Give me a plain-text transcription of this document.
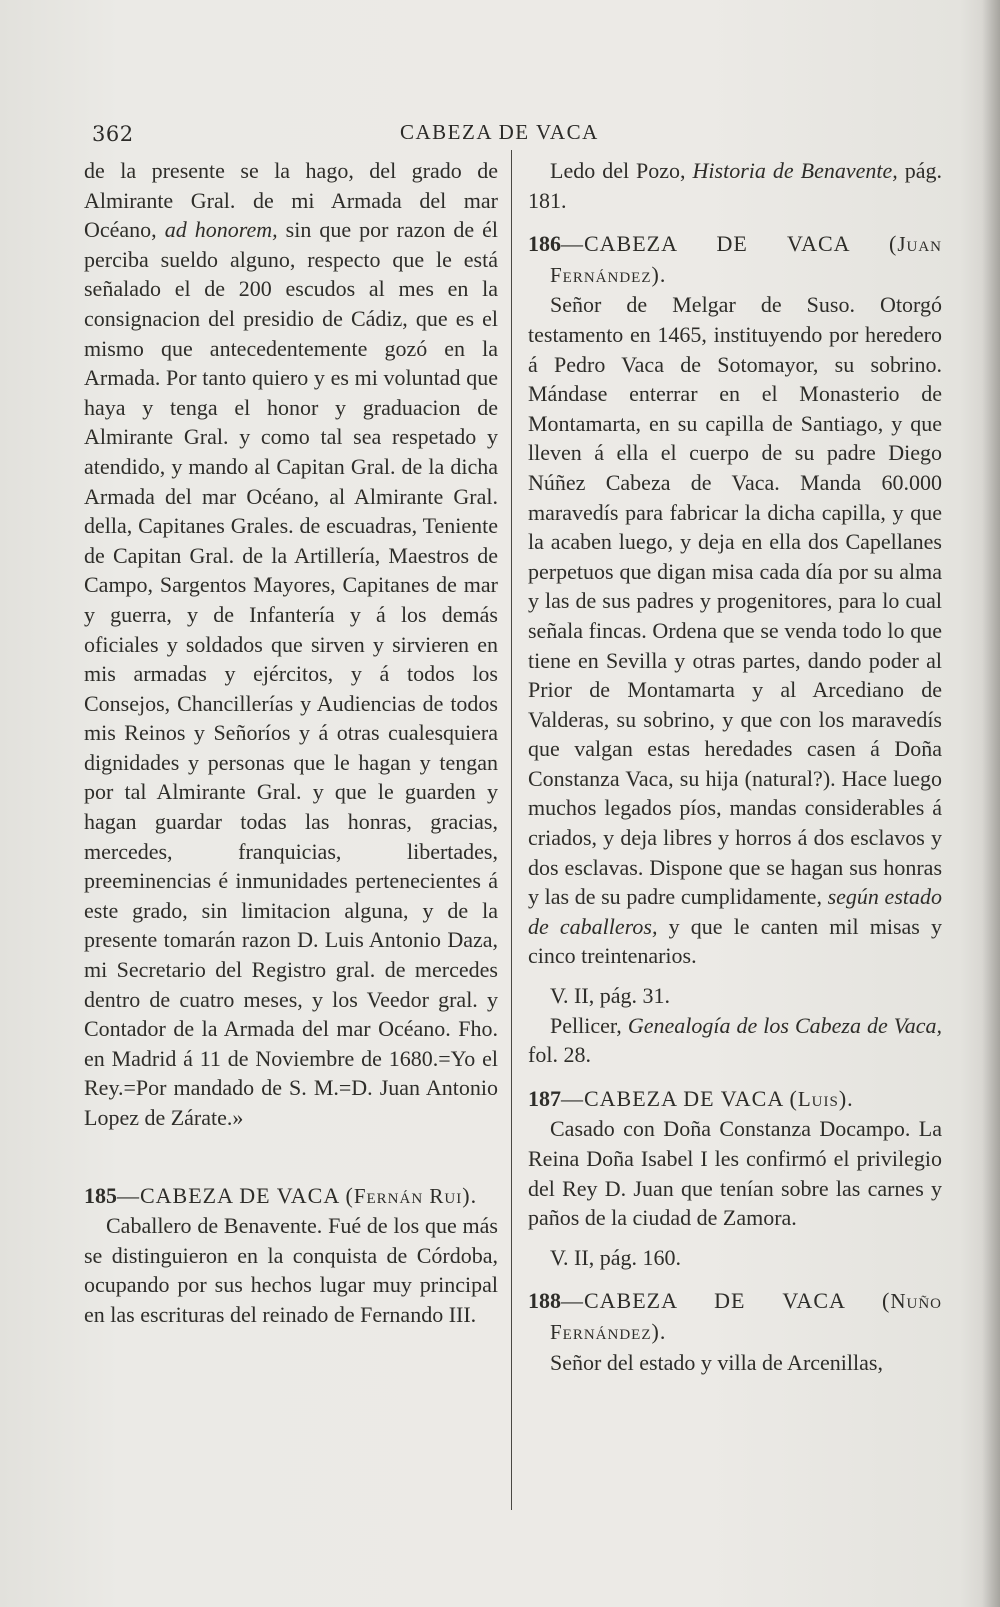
362	CABEZA DE VACA

de la presente se la hago, del grado de Almirante Gral. de mi Armada del mar Océano, ad honorem, sin que por razon de él perciba sueldo alguno, respecto que le está señalado el de 200 escudos al mes en la consignacion del presidio de Cádiz, que es el mismo que antecedentemente gozó en la Armada. Por tanto quiero y es mi voluntad que haya y tenga el honor y graduacion de Almirante Gral. y como tal sea respetado y atendido, y mando al Capitan Gral. de la dicha Armada del mar Océano, al Almirante Gral. della, Capitanes Grales. de escuadras, Teniente de Capitan Gral. de la Artillería, Maestros de Campo, Sargentos Mayores, Capitanes de mar y guerra, y de Infantería y á los demás oficiales y soldados que sirven y sirvieren en mis armadas y ejércitos, y á todos los Consejos, Chancillerías y Audiencias de todos mis Reinos y Señoríos y á otras cualesquiera dignidades y personas que le hagan y tengan por tal Almirante Gral. y que le guarden y hagan guardar todas las honras, gracias, mercedes, franquicias, libertades, preeminencias é inmunidades pertenecientes á este grado, sin limitacion alguna, y de la presente tomarán razon D. Luis Antonio Daza, mi Secretario del Registro gral. de mercedes dentro de cuatro meses, y los Veedor gral. y Contador de la Armada del mar Océano. Fho. en Madrid á 11 de Noviembre de 1680.=Yo el Rey.=Por mandado de S. M.=D. Juan Antonio Lopez de Zárate.»

185—CABEZA DE VACA (Fernán Rui).

Caballero de Benavente. Fué de los que más se distinguieron en la conquista de Córdoba, ocupando por sus hechos lugar muy principal en las escrituras del reinado de Fernando III.

Ledo del Pozo, Historia de Benavente, pág. 181.

186—CABEZA DE VACA (Juan Fernández).

Señor de Melgar de Suso. Otorgó testamento en 1465, instituyendo por heredero á Pedro Vaca de Sotomayor, su sobrino. Mándase enterrar en el Monasterio de Montamarta, en su capilla de Santiago, y que lleven á ella el cuerpo de su padre Diego Núñez Cabeza de Vaca. Manda 60.000 maravedís para fabricar la dicha capilla, y que la acaben luego, y deja en ella dos Capellanes perpetuos que digan misa cada día por su alma y las de sus padres y progenitores, para lo cual señala fincas. Ordena que se venda todo lo que tiene en Sevilla y otras partes, dando poder al Prior de Montamarta y al Arcediano de Valderas, su sobrino, y que con los maravedís que valgan estas heredades casen á Doña Constanza Vaca, su hija (natural?). Hace luego muchos legados píos, mandas considerables á criados, y deja libres y horros á dos esclavos y dos esclavas. Dispone que se hagan sus honras y las de su padre cumplidamente, según estado de caballeros, y que le canten mil misas y cinco treintenarios.

V. II, pág. 31.

Pellicer, Genealogía de los Cabeza de Vaca, fol. 28.

187—CABEZA DE VACA (Luis).

Casado con Doña Constanza Docampo. La Reina Doña Isabel I les confirmó el privilegio del Rey D. Juan que tenían sobre las carnes y paños de la ciudad de Zamora.

V. II, pág. 160.

188—CABEZA DE VACA (Nuño Fernández).

Señor del estado y villa de Arcenillas,
